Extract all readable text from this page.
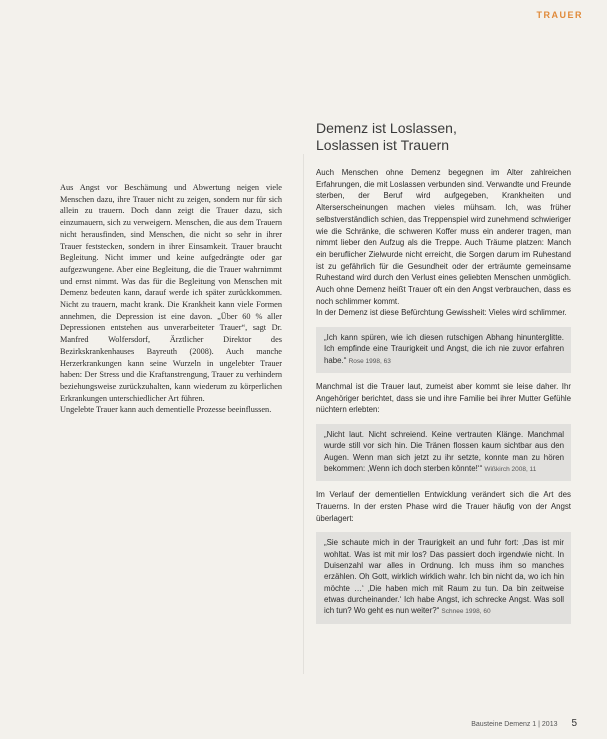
TRAUER
Demenz ist Loslassen,
Loslassen ist Trauern

Aus Angst vor Beschämung und Abwertung neigen viele Menschen dazu, ihre Trauer nicht zu zeigen, sondern nur für sich allein zu trauern. Doch dann zeigt die Trauer dazu, sich einzumauern, sich zu verweigern. Menschen, die aus dem Trauern nicht herausfinden, sind Menschen, die nicht so sehr in ihrer Trauer feststecken, sondern in ihrer Einsamkeit. Trauer braucht Begleitung. Nicht immer und keine aufgedrängte oder gar aufgezwungene. Aber eine Begleitung, die die Trauer wahrnimmt und ernst nimmt. Was das für die Begleitung von Menschen mit Demenz bedeuten kann, darauf werde ich später zurückkommen. Nicht zu trauern, macht krank. Die Krankheit kann viele Formen annehmen, die Depression ist eine davon. „Über 60 % aller Depressionen entstehen aus unverarbeiteter Trauer“, sagt Dr. Manfred Wolfersdorf, Ärztlicher Direktor des Bezirkskrankenhauses Bayreuth (2008). Auch manche Herzerkrankungen kann seine Wurzeln in ungelebter Trauer haben: Der Stress und die Kraftanstrengung, Trauer zu verhindern beziehungsweise zurückzuhalten, kann wiederum zu körperlichen Erkrankungen unterschiedlicher Art führen.

Ungelebte Trauer kann auch dementielle Prozesse beeinflussen.

Auch Menschen ohne Demenz begegnen im Alter zahlreichen Erfahrungen, die mit Loslassen verbunden sind. Verwandte und Freunde sterben, der Beruf wird aufgegeben, Krankheiten und Alterserscheinungen machen vieles mühsam. Ich, was früher selbstverständlich schien, das Treppenspiel wird zunehmend schwieriger wie die Schränke, die schweren Koffer muss ein anderer tragen, man nimmt lieber den Aufzug als die Treppe. Auch Träume platzen: Manch ein beruflicher Zielwurde nicht erreicht, die Sorgen darum im Ruhestand ist zu gefährlich für die Gesundheit oder der erträumte gemeinsame Ruhestand wird durch den Verlust eines geliebten Menschen unmöglich. Auch ohne Demenz heißt Trauer oft ein den Angst verbrauchen, dass es noch schlimmer kommt.

In der Demenz ist diese Befürchtung Gewissheit: Vieles wird schlimmer.

„Ich kann spüren, wie ich diesen rutschigen Abhang hinunterglitte. Ich empfinde eine Traurigkeit und Angst, die ich nie zuvor erfahren habe.“ Rose 1998, 63

Manchmal ist die Trauer laut, zumeist aber kommt sie leise daher. Ihr Angehöriger berichtet, dass sie und ihre Familie bei ihrer Mutter Gefühle nüchtern erlebten:

„Nicht laut. Nicht schreiend. Keine vertrauten Klänge. Manchmal wurde still vor sich hin. Die Tränen flossen kaum sichtbar aus den Augen. Wenn man sich jetzt zu ihr setzte, konnte man zu hören bekommen: ‚Wenn ich doch sterben könnte!‘“ Wißkirch 2008, 11

Im Verlauf der dementiellen Entwicklung verändert sich die Art des Trauerns. In der ersten Phase wird die Trauer häufig von der Angst überlagert:

„Sie schaute mich in der Traurigkeit an und fuhr fort: ‚Das ist mir wohltat. Was ist mit mir los? Das passiert doch irgendwie nicht. In Duisenzahl war alles in Ordnung. Ich muss ihm so manches erzählen. Oh Gott, wirklich wirklich wahr. Ich bin nicht da, wo ich hin möchte …‘ ‚Die haben mich mit Raum zu tun. Da bin zeitweise etwas durcheinander.‘ Ich habe Angst, ich schrecke Angst. Was soll ich tun? Wo geht es nun weiter?“ Schnee 1998, 60
Bausteine Demenz 1 | 2013 5
